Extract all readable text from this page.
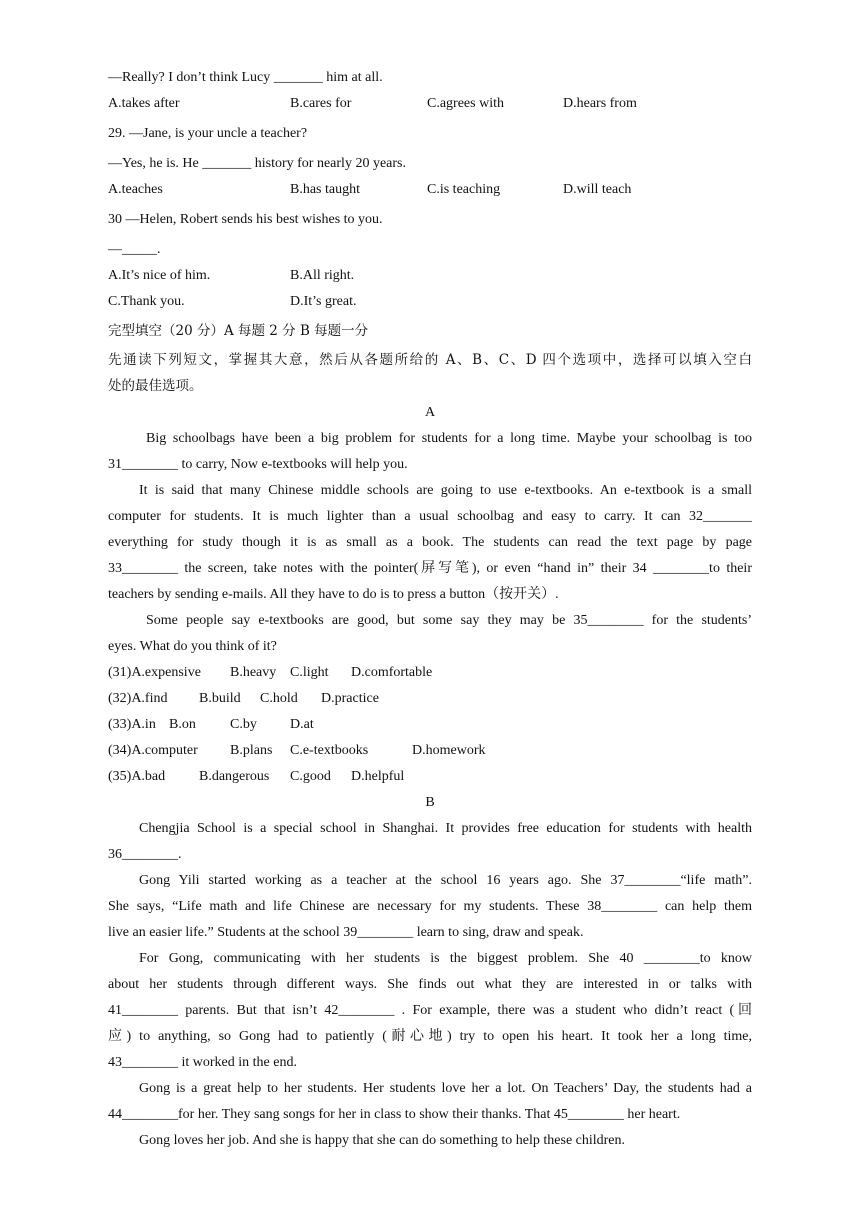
—Really? I don’t think Lucy _______ him at all.
A.takes after	B.cares for	C.agrees with	D.hears from
29. —Jane, is your uncle a teacher?
—Yes, he is. He _______ history for nearly 20 years.
A.teaches	B.has taught	C.is teaching	D.will teach
30 —Helen, Robert sends his best wishes to you.
—_____.
A.It’s nice of him.	B.All right.
C.Thank you.	D.It’s great.
完型填空（20 分）A 每题 2 分 B 每题一分
先通读下列短文，掌握其大意，然后从各题所给的 A、B、C、D 四个选项中，选择可以填入空白
处的最佳选项。
A
Big schoolbags have been a big problem for students for a long time. Maybe your schoolbag is too
31________ to carry, Now e-textbooks will help you.
It is said that many Chinese middle schools are going to use e-textbooks. An e-textbook is a small
computer for students. It is much lighter than a usual schoolbag and easy to carry. It can 32_______
everything for study though it is as small as a book. The students can read the text page by page
33________ the screen, take notes with the pointer(屏写笔), or even “hand in” their 34 ________to their
teachers by sending e-mails. All they have to do is to press a button（按开关）.
Some people say e-textbooks are good, but some say they may be 35________ for the students’
eyes. What do you think of it?
(31)A.expensive B.heavy C.light D.comfortable
(32)A.find B.build C.hold D.practice
(33)A.in B.on C.by D.at
(34)A.computer B.plans C.e-textbooks	D.homework
(35)A.bad B.dangerous C.good D.helpful
B
Chengjia School is a special school in Shanghai. It provides free education for students with health
36________.
Gong Yili started working as a teacher at the school 16 years ago. She 37________“life math”.
She says, “Life math and life Chinese are necessary for my students. These 38________ can help them
live an easier life.” Students at the school 39________ learn to sing, draw and speak.
For Gong, communicating with her students is the biggest problem. She 40 ________to know
about her students through different ways. She finds out what they are interested in or talks with
41________ parents. But that isn’t 42________ . For example, there was a student who didn’t react (回
应) to anything, so Gong had to patiently (耐心地) try to open his heart. It took her a long time,
43________ it worked in the end.
Gong is a great help to her students. Her students love her a lot. On Teachers’ Day, the students had a
44________for her. They sang songs for her in class to show their thanks. That 45________ her heart.
Gong loves her job. And she is happy that she can do something to help these children.
